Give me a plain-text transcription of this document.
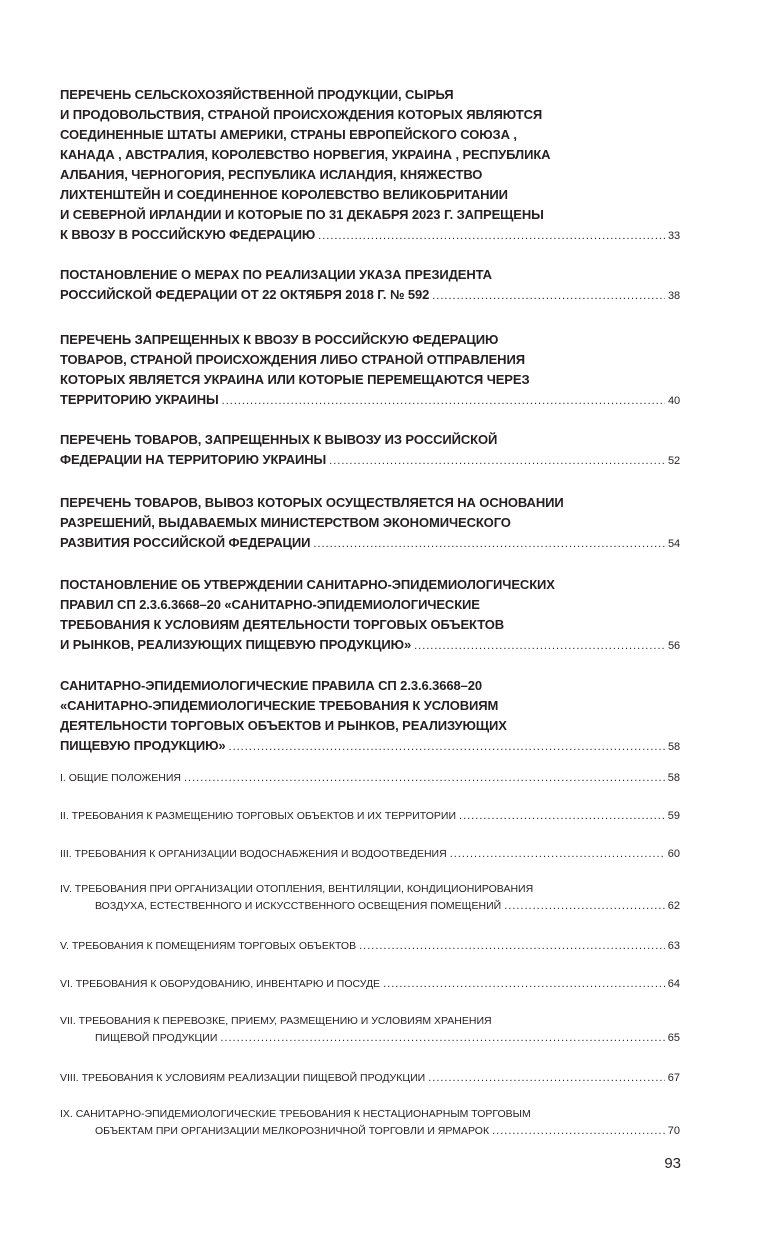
ПЕРЕЧЕНЬ СЕЛЬСКОХОЗЯЙСТВЕННОЙ ПРОДУКЦИИ, СЫРЬЯ
И ПРОДОВОЛЬСТВИЯ, СТРАНОЙ ПРОИСХОЖДЕНИЯ КОТОРЫХ ЯВЛЯЮТСЯ
СОЕДИНЕННЫЕ ШТАТЫ АМЕРИКИ, СТРАНЫ ЕВРОПЕЙСКОГО СОЮЗА ,
КАНАДА , АВСТРАЛИЯ, КОРОЛЕВСТВО НОРВЕГИЯ, УКРАИНА , РЕСПУБЛИКА
АЛБАНИЯ, ЧЕРНОГОРИЯ, РЕСПУБЛИКА ИСЛАНДИЯ, КНЯЖЕСТВО
ЛИХТЕНШТЕЙН И СОЕДИНЕННОЕ КОРОЛЕВСТВО ВЕЛИКОБРИТАНИИ
И СЕВЕРНОЙ ИРЛАНДИИ И КОТОРЫЕ ПО 31 ДЕКАБРЯ 2023 Г. ЗАПРЕЩЕНЫ
К ВВОЗУ В РОССИЙСКУЮ ФЕДЕРАЦИЮ .....	33
ПОСТАНОВЛЕНИЕ О МЕРАХ ПО РЕАЛИЗАЦИИ УКАЗА ПРЕЗИДЕНТА
РОССИЙСКОЙ ФЕДЕРАЦИИ ОТ 22 ОКТЯБРЯ 2018 Г. № 592 .....	38
ПЕРЕЧЕНЬ ЗАПРЕЩЕННЫХ К ВВОЗУ В РОССИЙСКУЮ ФЕДЕРАЦИЮ
ТОВАРОВ, СТРАНОЙ ПРОИСХОЖДЕНИЯ ЛИБО СТРАНОЙ ОТПРАВЛЕНИЯ
КОТОРЫХ ЯВЛЯЕТСЯ УКРАИНА ИЛИ КОТОРЫЕ ПЕРЕМЕЩАЮТСЯ ЧЕРЕЗ
ТЕРРИТОРИЮ УКРАИНЫ .....	40
ПЕРЕЧЕНЬ ТОВАРОВ, ЗАПРЕЩЕННЫХ К ВЫВОЗУ ИЗ РОССИЙСКОЙ
ФЕДЕРАЦИИ НА ТЕРРИТОРИЮ УКРАИНЫ .....	52
ПЕРЕЧЕНЬ ТОВАРОВ, ВЫВОЗ КОТОРЫХ ОСУЩЕСТВЛЯЕТСЯ НА ОСНОВАНИИ
РАЗРЕШЕНИЙ, ВЫДАВАЕМЫХ МИНИСТЕРСТВОМ ЭКОНОМИЧЕСКОГО
РАЗВИТИЯ РОССИЙСКОЙ ФЕДЕРАЦИИ .....	54
ПОСТАНОВЛЕНИЕ ОБ УТВЕРЖДЕНИИ САНИТАРНО-ЭПИДЕМИОЛОГИЧЕСКИХ
ПРАВИЛ СП 2.3.6.3668–20 «САНИТАРНО-ЭПИДЕМИОЛОГИЧЕСКИЕ
ТРЕБОВАНИЯ К УСЛОВИЯМ ДЕЯТЕЛЬНОСТИ ТОРГОВЫХ ОБЪЕКТОВ
И РЫНКОВ, РЕАЛИЗУЮЩИХ ПИЩЕВУЮ ПРОДУКЦИЮ» .....	56
САНИТАРНО-ЭПИДЕМИОЛОГИЧЕСКИЕ ПРАВИЛА СП 2.3.6.3668–20
«САНИТАРНО-ЭПИДЕМИОЛОГИЧЕСКИЕ ТРЕБОВАНИЯ К УСЛОВИЯМ
ДЕЯТЕЛЬНОСТИ ТОРГОВЫХ ОБЪЕКТОВ И РЫНКОВ, РЕАЛИЗУЮЩИХ
ПИЩЕВУЮ ПРОДУКЦИЮ» .....	58
I. ОБЩИЕ ПОЛОЖЕНИЯ .....	58
II. ТРЕБОВАНИЯ К РАЗМЕЩЕНИЮ ТОРГОВЫХ ОБЪЕКТОВ И ИХ ТЕРРИТОРИИ .....	59
III. ТРЕБОВАНИЯ К ОРГАНИЗАЦИИ ВОДОСНАБЖЕНИЯ И ВОДООТВЕДЕНИЯ .....	60
IV. ТРЕБОВАНИЯ ПРИ ОРГАНИЗАЦИИ ОТОПЛЕНИЯ, ВЕНТИЛЯЦИИ, КОНДИЦИОНИРОВАНИЯ
ВОЗДУХА, ЕСТЕСТВЕННОГО И ИСКУССТВЕННОГО ОСВЕЩЕНИЯ ПОМЕЩЕНИЙ .....	62
V. ТРЕБОВАНИЯ К ПОМЕЩЕНИЯМ ТОРГОВЫХ ОБЪЕКТОВ .....	63
VI. ТРЕБОВАНИЯ К ОБОРУДОВАНИЮ, ИНВЕНТАРЮ И ПОСУДЕ .....	64
VII. ТРЕБОВАНИЯ К ПЕРЕВОЗКЕ, ПРИЕМУ, РАЗМЕЩЕНИЮ И УСЛОВИЯМ ХРАНЕНИЯ
ПИЩЕВОЙ ПРОДУКЦИИ .....	65
VIII. ТРЕБОВАНИЯ К УСЛОВИЯМ РЕАЛИЗАЦИИ ПИЩЕВОЙ ПРОДУКЦИИ .....	67
IX. САНИТАРНО-ЭПИДЕМИОЛОГИЧЕСКИЕ ТРЕБОВАНИЯ К НЕСТАЦИОНАРНЫМ ТОРГОВЫМ
ОБЪЕКТАМ ПРИ ОРГАНИЗАЦИИ МЕЛКОРОЗНИЧНОЙ ТОРГОВЛИ И ЯРМАРОК .....	70
93
